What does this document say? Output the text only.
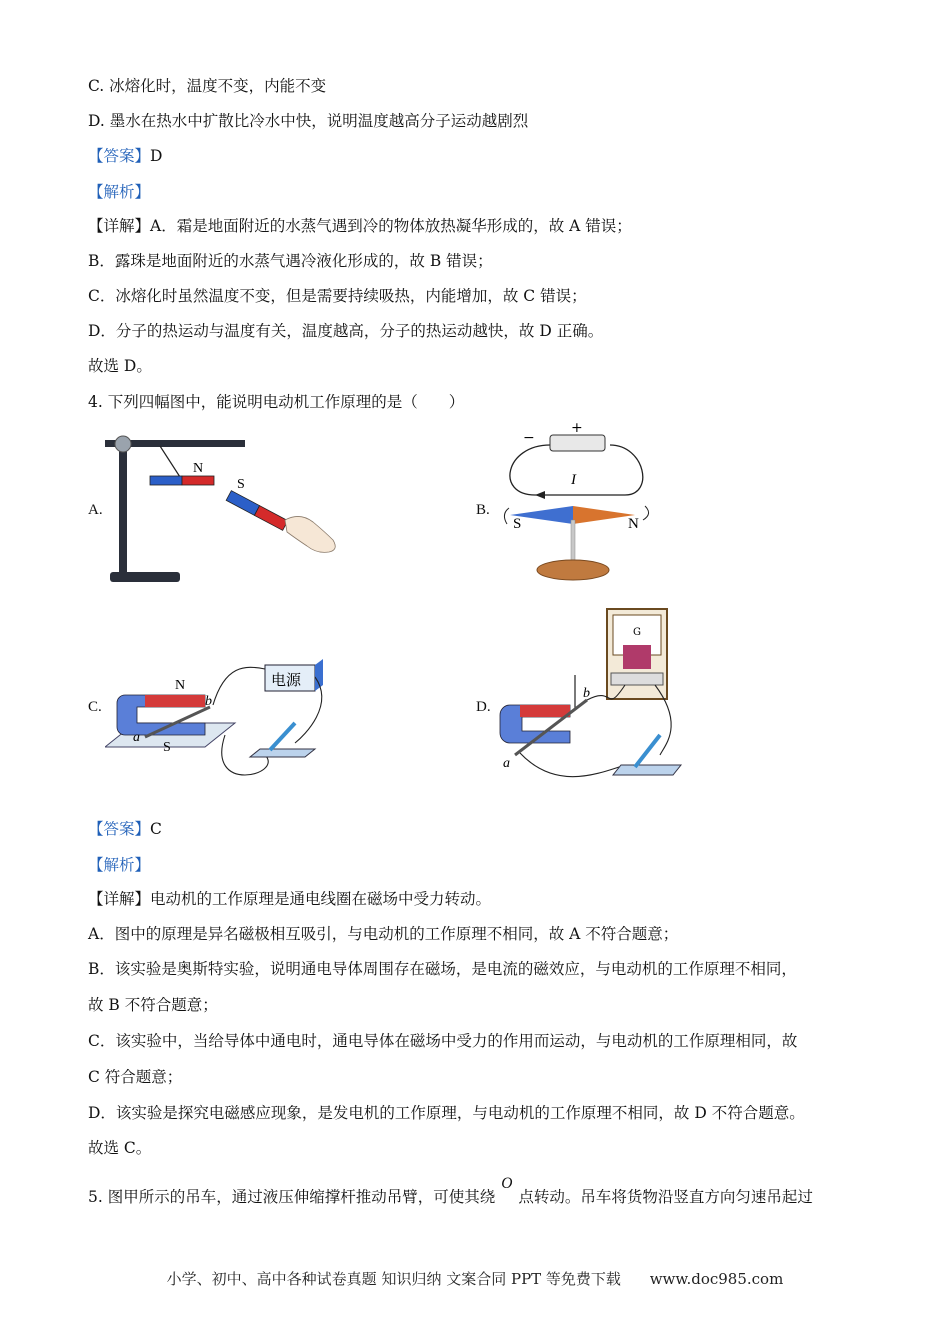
C. 冰熔化时，温度不变，内能不变
D. 墨水在热水中扩散比冷水中快，说明温度越高分子运动越剧烈
【答案】D
【解析】
【详解】A．霜是地面附近的水蒸气遇到冷的物体放热凝华形成的，故 A 错误；
B．露珠是地面附近的水蒸气遇冷液化形成的，故 B 错误；
C．冰熔化时虽然温度不变，但是需要持续吸热，内能增加，故 C 错误；
D．分子的热运动与温度有关，温度越高，分子的热运动越快，故 D 正确。
故选 D。
4. 下列四幅图中，能说明电动机工作原理的是（　　）
A.	B.
C.	D.
N
S
−
+
I
S	N
N
S
a
b
电源
G
a
b
【答案】C
【解析】
【详解】电动机的工作原理是通电线圈在磁场中受力转动。
A．图中的原理是异名磁极相互吸引，与电动机的工作原理不相同，故 A 不符合题意；
B．该实验是奥斯特实验，说明通电导体周围存在磁场，是电流的磁效应，与电动机的工作原理不相同，
故 B 不符合题意；
C．该实验中，当给导体中通电时，通电导体在磁场中受力的作用而运动，与电动机的工作原理相同，故
C 符合题意；
D．该实验是探究电磁感应现象，是发电机的工作原理，与电动机的工作原理不相同，故 D 不符合题意。
故选 C。
5. 图甲所示的吊车，通过液压伸缩撑杆推动吊臂，可使其绕O点转动。吊车将货物沿竖直方向匀速吊起过
小学、初中、高中各种试卷真题 知识归纳 文案合同 PPT 等免费下载 www.doc985.com
